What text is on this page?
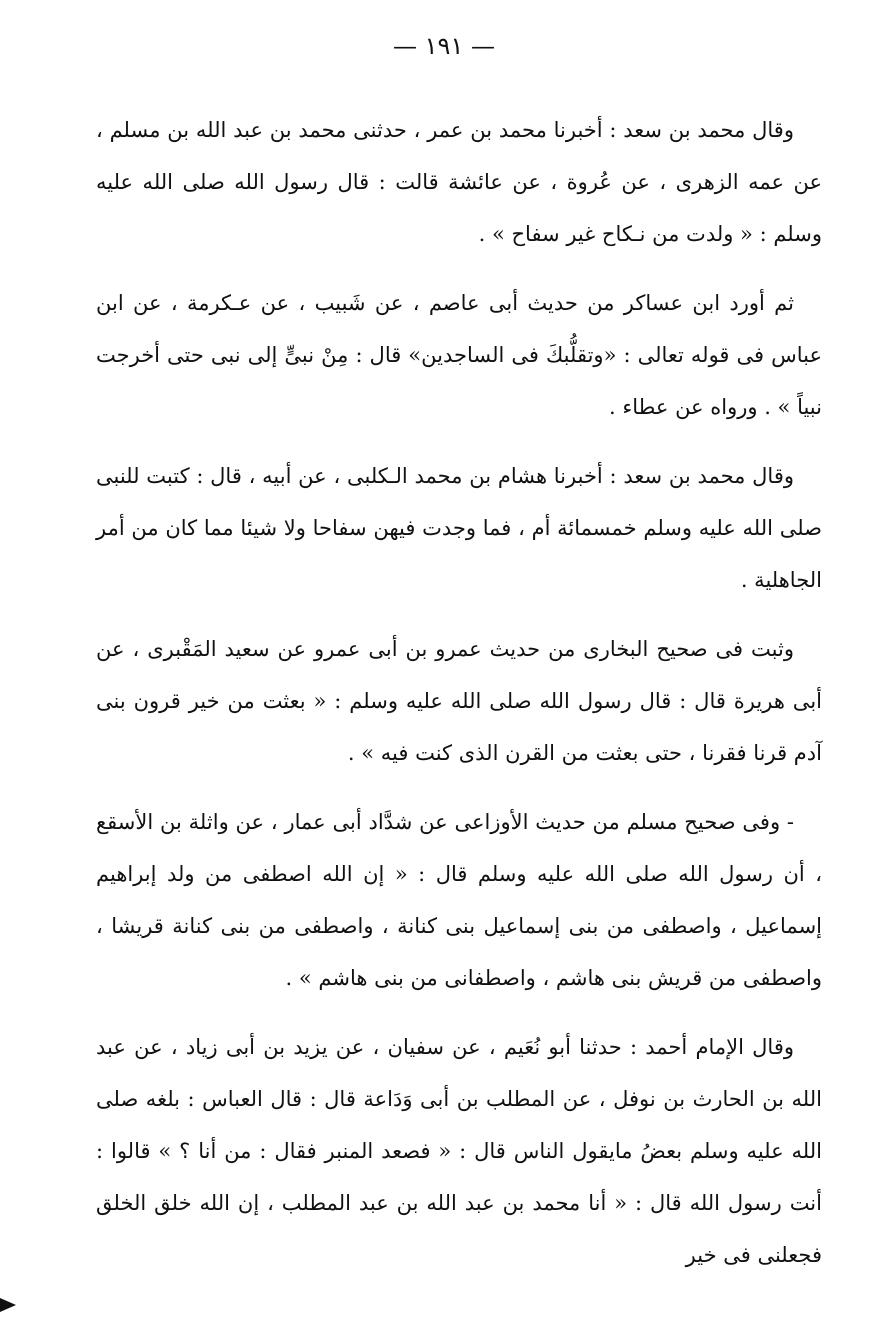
— ١٩١ —

وقال محمد بن سعد : أخبرنا محمد بن عمر ، حدثنى محمد بن عبد الله بن مسلم ، عن عمه الزهرى ، عن عُروة ، عن عائشة قالت : قال رسول الله صلى الله عليه وسلم : « ولدت من نـكاح غير سفاح » .

ثم أورد ابن عساكر من حديث أبى عاصم ، عن شَبيب ، عن عـكرمة ، عن ابن عباس فى قوله تعالى : «وتقلُّبكَ فى الساجدين» قال : مِنْ نبىٍّ إلى نبى حتى أخرجت نبياً » . ورواه عن عطاء .

وقال محمد بن سعد : أخبرنا هشام بن محمد الـكلبى ، عن أبيه ، قال : كتبت للنبى صلى الله عليه وسلم خمسمائة أم ، فما وجدت فيهن سفاحا ولا شيئا مما كان من أمر الجاهلية .

وثبت فى صحيح البخارى من حديث عمرو بن أبى عمرو عن سعيد المَقْبرى ، عن أبى هريرة قال : قال رسول الله صلى الله عليه وسلم : « بعثت من خير قرون بنى آدم قرنا فقرنا ، حتى بعثت من القرن الذى كنت فيه » .

- وفى صحيح مسلم من حديث الأوزاعى عن شدَّاد أبى عمار ، عن واثلة بن الأسقع ، أن رسول الله صلى الله عليه وسلم قال : « إن الله اصطفى من ولد إبراهيم إسماعيل ، واصطفى من بنى إسماعيل بنى كنانة ، واصطفى من بنى كنانة قريشا ، واصطفى من قريش بنى هاشم ، واصطفانى من بنى هاشم » .

وقال الإمام أحمد : حدثنا أبو نُعَيم ، عن سفيان ، عن يزيد بن أبى زياد ، عن عبد الله بن الحارث بن نوفل ، عن المطلب بن أبى وَدَاعة قال : قال العباس : بلغه صلى الله عليه وسلم بعضُ مايقول الناس قال : « فصعد المنبر فقال : من أنا ؟ » قالوا : أنت رسول الله قال : « أنا محمد بن عبد الله بن عبد المطلب ، إن الله خلق الخلق فجعلنى فى خير
